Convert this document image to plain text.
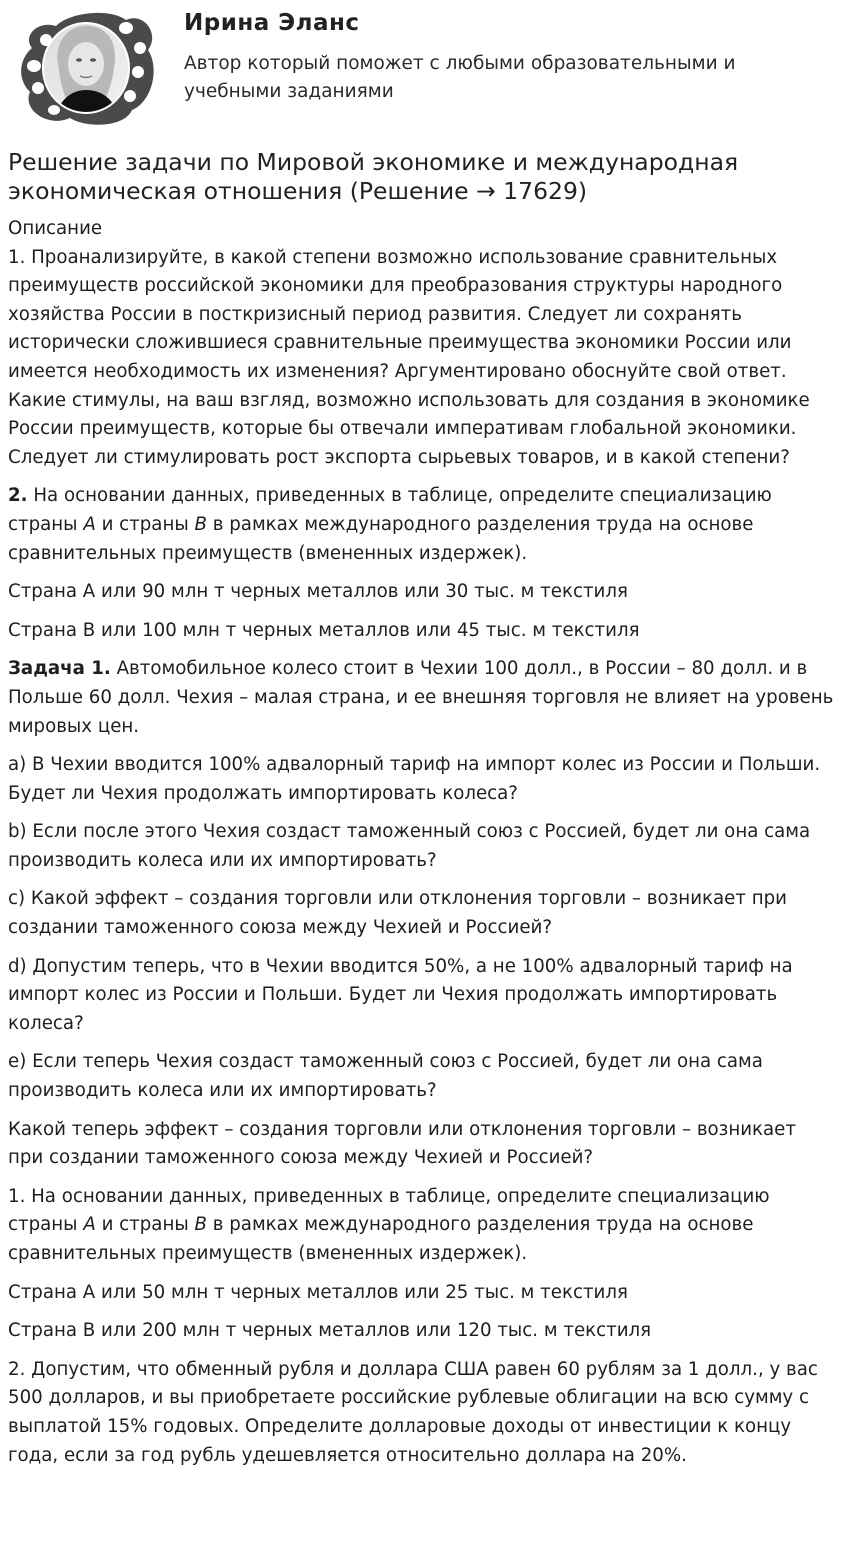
Ирина Эланс
Автор который поможет с любыми образовательными и учебными заданиями
Решение задачи по Мировой экономике и международная экономическая отношения (Решение → 17629)

Описание

1. Проанализируйте, в какой степени возможно использование сравнительных преимуществ российской экономики для преобразования структуры народного хозяйства России в посткризисный период развития. Следует ли сохранять исторически сложившиеся сравнительные преимущества экономики России или имеется необходимость их изменения? Аргументировано обоснуйте свой ответ. Какие стимулы, на ваш взгляд, возможно использовать для создания в экономике России преимуществ, которые бы отвечали императивам глобальной экономики. Следует ли стимулировать рост экспорта сырьевых товаров, и в какой степени?

2. На основании данных, приведенных в таблице, определите специализацию страны А и страны В в рамках международного разделения труда на основе сравнительных преимуществ (вмененных издержек).

Страна А или 90 млн т черных металлов или 30 тыс. м текстиля

Страна В или 100 млн т черных металлов или 45 тыс. м текстиля

Задача 1. Автомобильное колесо стоит в Чехии 100 долл., в России – 80 долл. и в Польше 60 долл. Чехия – малая страна, и ее внешняя торговля не влияет на уровень мировых цен.

а) В Чехии вводится 100% адвалорный тариф на импорт колес из России и Польши. Будет ли Чехия продолжать импортировать колеса?

b) Если после этого Чехия создаст таможенный союз с Россией, будет ли она сама производить колеса или их импортировать?

c) Какой эффект – создания торговли или отклонения торговли – возникает при создании таможенного союза между Чехией и Россией?

d) Допустим теперь, что в Чехии вводится 50%, а не 100% адвалорный тариф на импорт колес из России и Польши. Будет ли Чехия продолжать импортировать колеса?

e) Если теперь Чехия создаст таможенный союз с Россией, будет ли она сама производить колеса или их импортировать?

Какой теперь эффект – создания торговли или отклонения торговли – возникает при создании таможенного союза между Чехией и Россией?

1. На основании данных, приведенных в таблице, определите специализацию страны А и страны В в рамках международного разделения труда на основе сравнительных преимуществ (вмененных издержек).

Страна А или 50 млн т черных металлов или 25 тыс. м текстиля

Страна В или 200 млн т черных металлов или 120 тыс. м текстиля

2. Допустим, что обменный рубля и доллара США равен 60 рублям за 1 долл., у вас 500 долларов, и вы приобретаете российские рублевые облигации на всю сумму с выплатой 15% годовых. Определите долларовые доходы от инвестиции к концу года, если за год рубль удешевляется относительно доллара на 20%.
